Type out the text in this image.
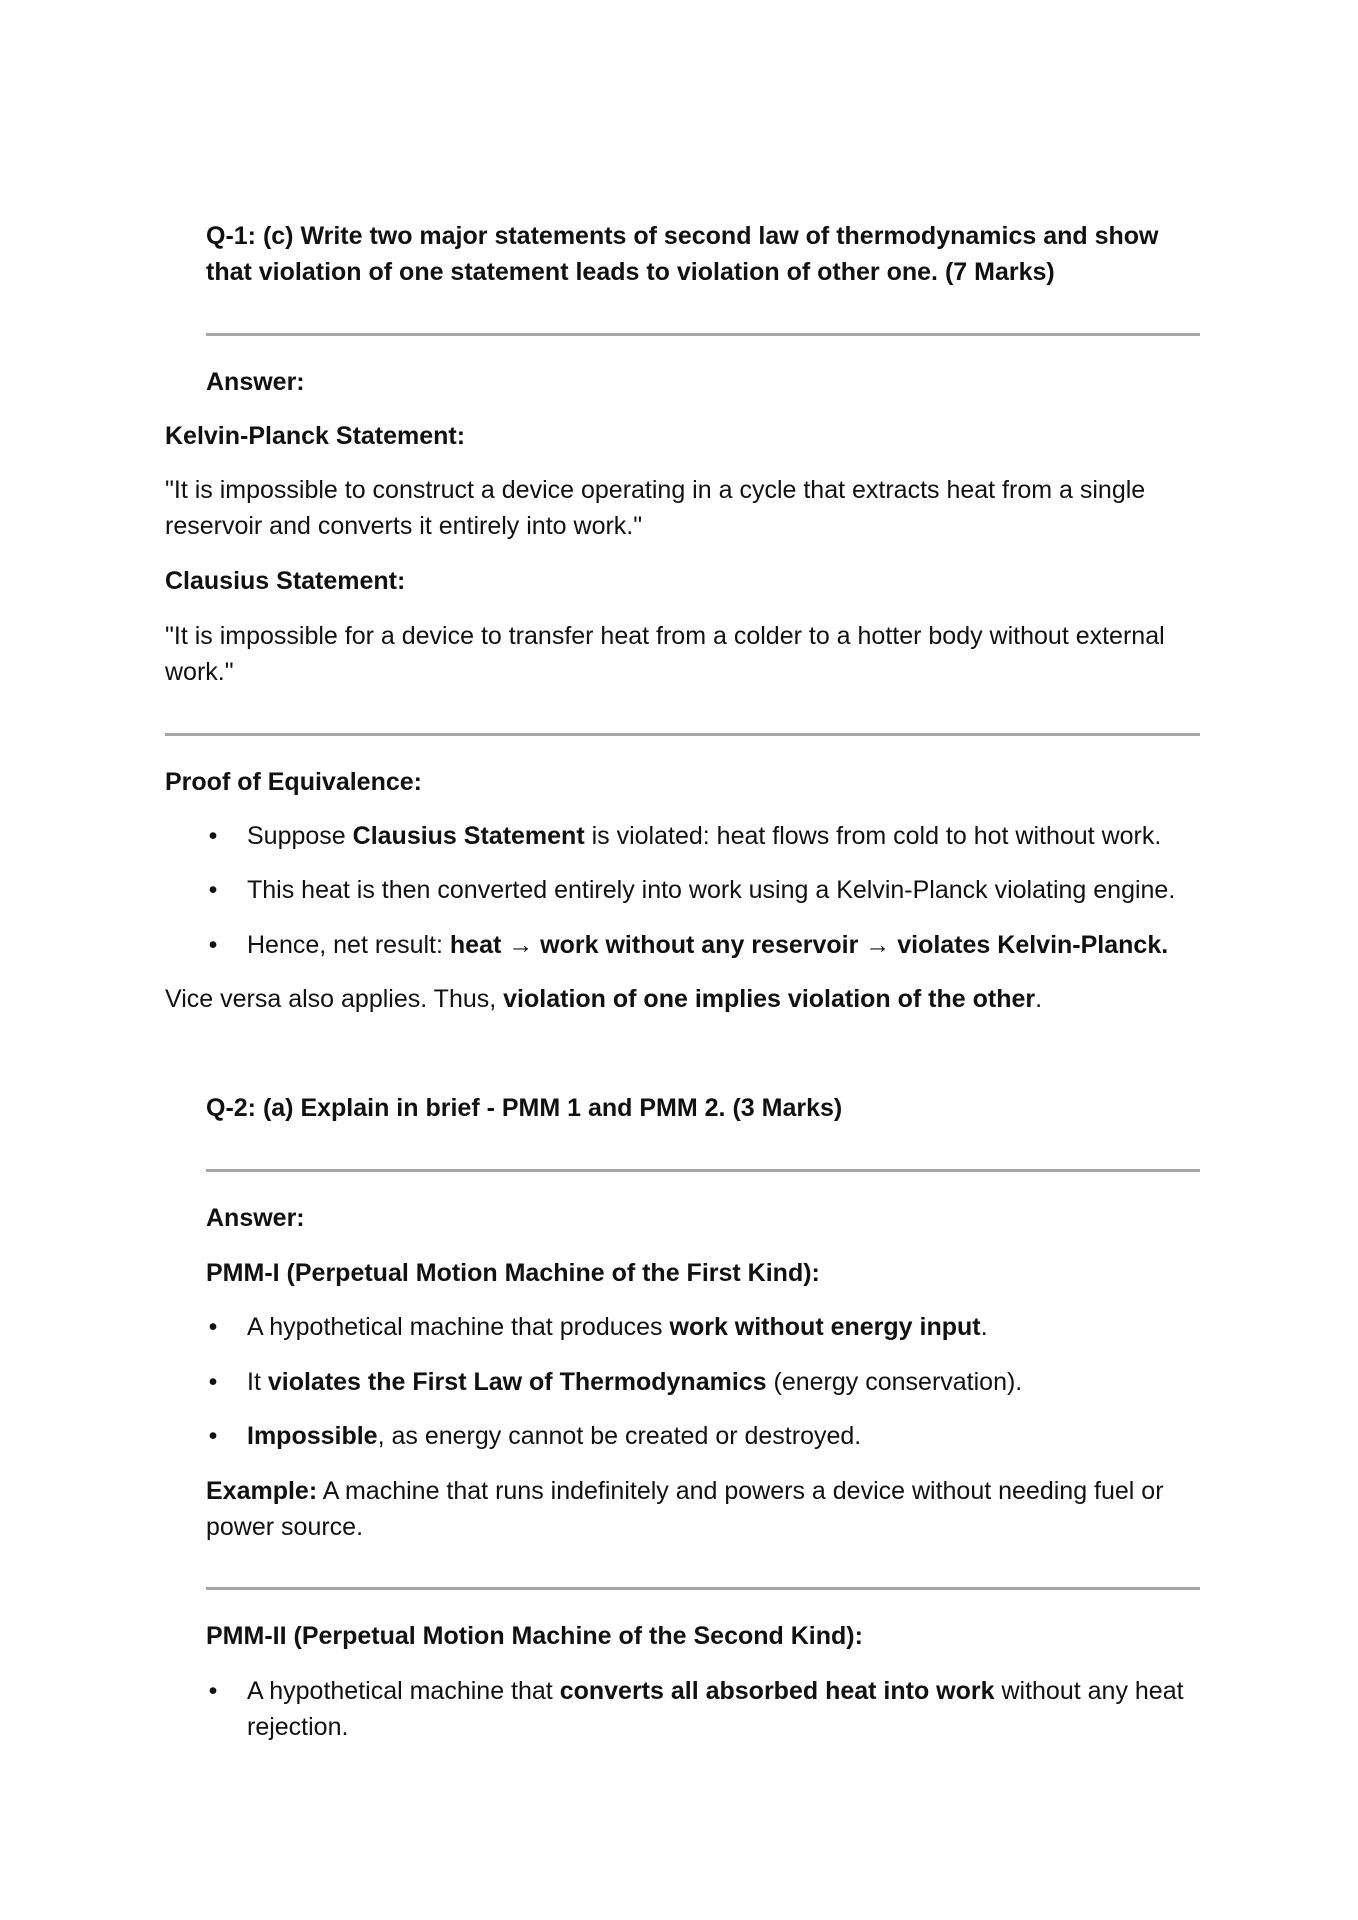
Q-1: (c) Write two major statements of second law of thermodynamics and show that violation of one statement leads to violation of other one. (7 Marks)
Answer:
Kelvin-Planck Statement:
"It is impossible to construct a device operating in a cycle that extracts heat from a single reservoir and converts it entirely into work."
Clausius Statement:
"It is impossible for a device to transfer heat from a colder to a hotter body without external work."
Proof of Equivalence:
• Suppose Clausius Statement is violated: heat flows from cold to hot without work.
• This heat is then converted entirely into work using a Kelvin-Planck violating engine.
• Hence, net result: heat → work without any reservoir → violates Kelvin-Planck.
Vice versa also applies. Thus, violation of one implies violation of the other.
Q-2: (a) Explain in brief - PMM 1 and PMM 2. (3 Marks)
Answer:
PMM-I (Perpetual Motion Machine of the First Kind):
• A hypothetical machine that produces work without energy input.
• It violates the First Law of Thermodynamics (energy conservation).
• Impossible, as energy cannot be created or destroyed.
Example: A machine that runs indefinitely and powers a device without needing fuel or power source.
PMM-II (Perpetual Motion Machine of the Second Kind):
• A hypothetical machine that converts all absorbed heat into work without any heat rejection.
